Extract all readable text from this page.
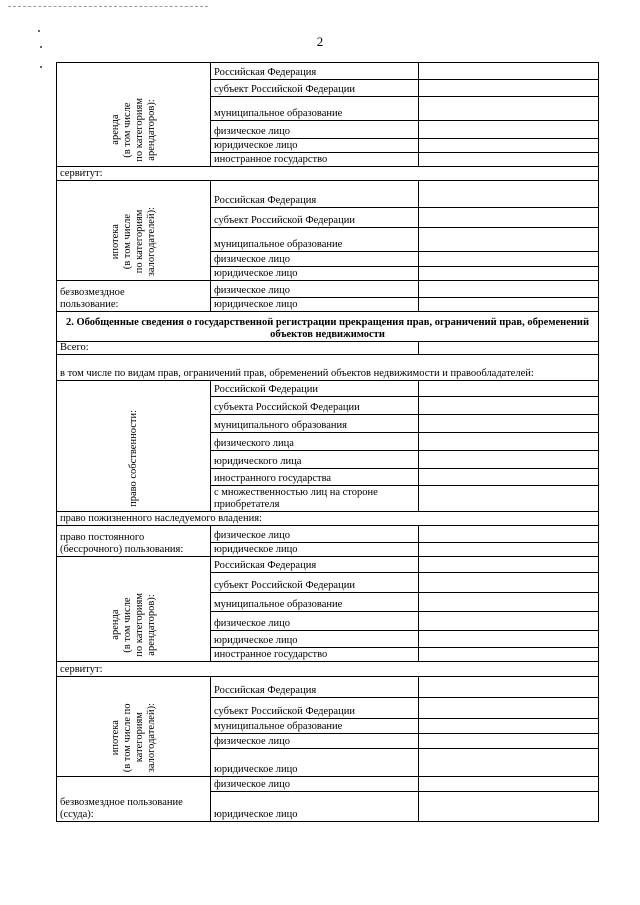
2
аренда
(в том числе
по категориям
арендаторов):	Российская Федерация	
	субъект Российской Федерации	
	муниципальное образование	
	физическое лицо	
	юридическое лицо	
	иностранное государство	
сервитут:		
ипотека
(в том числе
по категориям
залогодателей):	Российская Федерация	
	субъект Российской Федерации	
	муниципальное образование	
	физическое лицо	
	юридическое лицо	
безвозмездное
пользование:	физическое лицо	
	юридическое лицо	
2. Обобщенные сведения о государственной регистрации прекращения прав, ограничений прав, обременений объектов недвижимости		
Всего:		
в том числе по видам прав, ограничений прав, обременений объектов недвижимости и правообладателей:		
право собственности:	Российской Федерации	
	субъекта Российской Федерации	
	муниципального образования	
	физического лица	
	юридического лица	
	иностранного государства	
	с множественностью лиц на стороне приобретателя	
право пожизненного наследуемого владения:		
право постоянного
(бессрочного) пользования:	физическое лицо	
	юридическое лицо	
аренда
(в том числе
по категориям
арендаторов):	Российская Федерация	
	субъект Российской Федерации	
	муниципальное образование	
	физическое лицо	
	юридическое лицо	
	иностранное государство	
сервитут:		
ипотека
(в том числе по
категориям
залогодателей):	Российская Федерация	
	субъект Российской Федерации	
	муниципальное образование	
	физическое лицо	
	юридическое лицо	
безвозмездное пользование
(ссуда):	физическое лицо	
	юридическое лицо	
